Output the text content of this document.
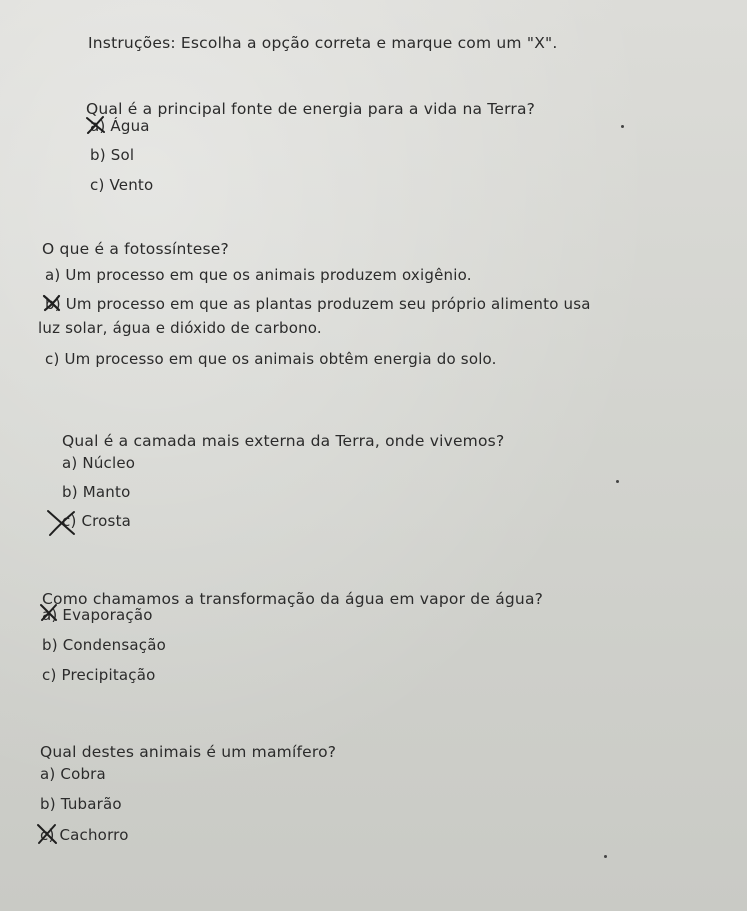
Instruções: Escolha a opção correta e marque com um "X".
Qual é a principal fonte de energia para a vida na Terra?
a) Água
b) Sol
c) Vento
O que é a fotossíntese?
a) Um processo em que os animais produzem oxigênio.
b) Um processo em que as plantas produzem seu próprio alimento usa
luz solar, água e dióxido de carbono.
c) Um processo em que os animais obtêm energia do solo.
Qual é a camada mais externa da Terra, onde vivemos?
a) Núcleo
b) Manto
c) Crosta
Como chamamos a transformação da água em vapor de água?
a) Evaporação
b) Condensação
c) Precipitação
Qual destes animais é um mamífero?
a) Cobra
b) Tubarão
c) Cachorro
